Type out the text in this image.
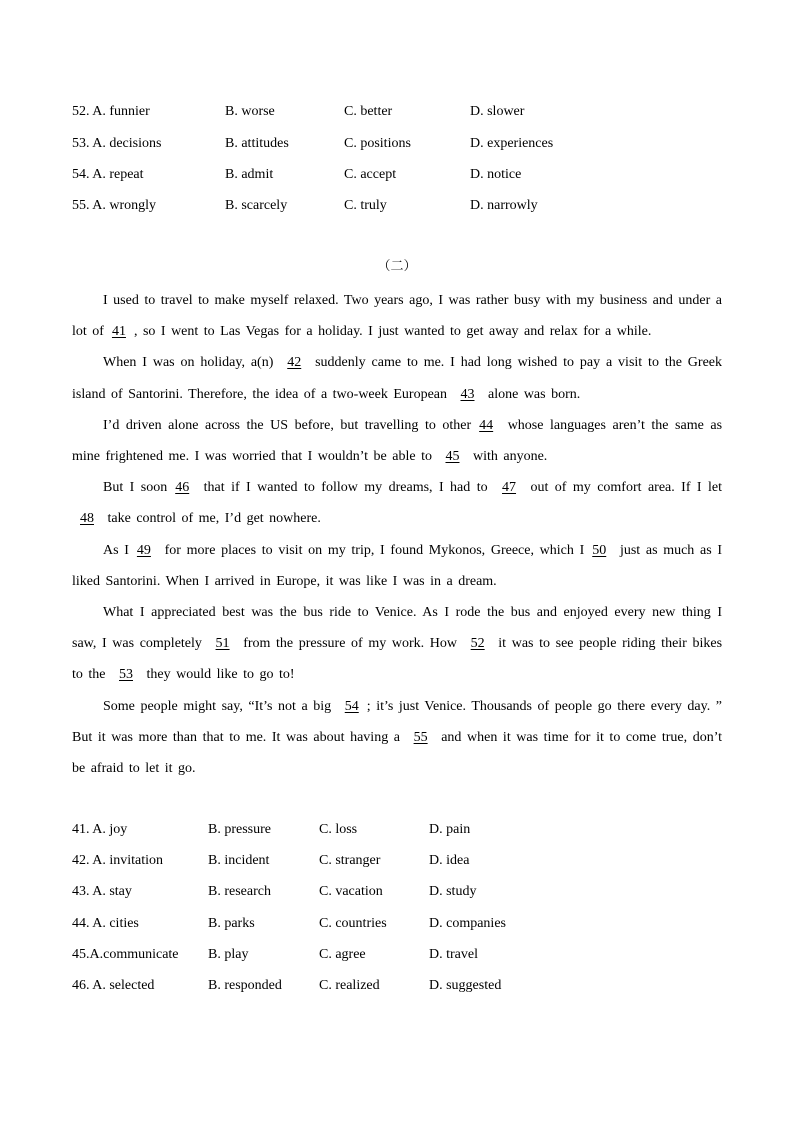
52. A. funnier	B. worse	C. better	D. slower
53. A. decisions	B. attitudes	C. positions	D. experiences
54. A. repeat	B. admit	C. accept	D. notice
55. A. wrongly	B. scarcely	C. truly	D. narrowly
（二）

I used to travel to make myself relaxed. Two years ago, I was rather busy with my business and under a lot of 41 , so I went to Las Vegas for a holiday. I just wanted to get away and relax for a while.

When I was on holiday, a(n) 42 suddenly came to me. I had long wished to pay a visit to the Greek island of Santorini. Therefore, the idea of a two-week European 43 alone was born.

I’d driven alone across the US before, but travelling to other 44 whose languages aren’t the same as mine frightened me. I was worried that I wouldn’t be able to 45 with anyone.

But I soon 46 that if I wanted to follow my dreams, I had to 47 out of my comfort area. If I let 48 take control of me, I’d get nowhere.

As I 49 for more places to visit on my trip, I found Mykonos, Greece, which I 50 just as much as I liked Santorini. When I arrived in Europe, it was like I was in a dream.

What I appreciated best was the bus ride to Venice. As I rode the bus and enjoyed every new thing I saw, I was completely 51 from the pressure of my work. How 52 it was to see people riding their bikes to the 53 they would like to go to!

Some people might say, “It’s not a big 54 ; it’s just Venice. Thousands of people go there every day. ” But it was more than that to me. It was about having a 55 and when it was time for it to come true, don’t be afraid to let it go.

41. A. joy	B. pressure	C. loss	D. pain
42. A. invitation	B. incident	C. stranger	D. idea
43. A. stay	B. research	C. vacation	D. study
44. A. cities	B. parks	C. countries	D. companies
45.A.communicate B. play	C. agree	D. travel
46. A. selected	B. responded	C. realized	D. suggested
